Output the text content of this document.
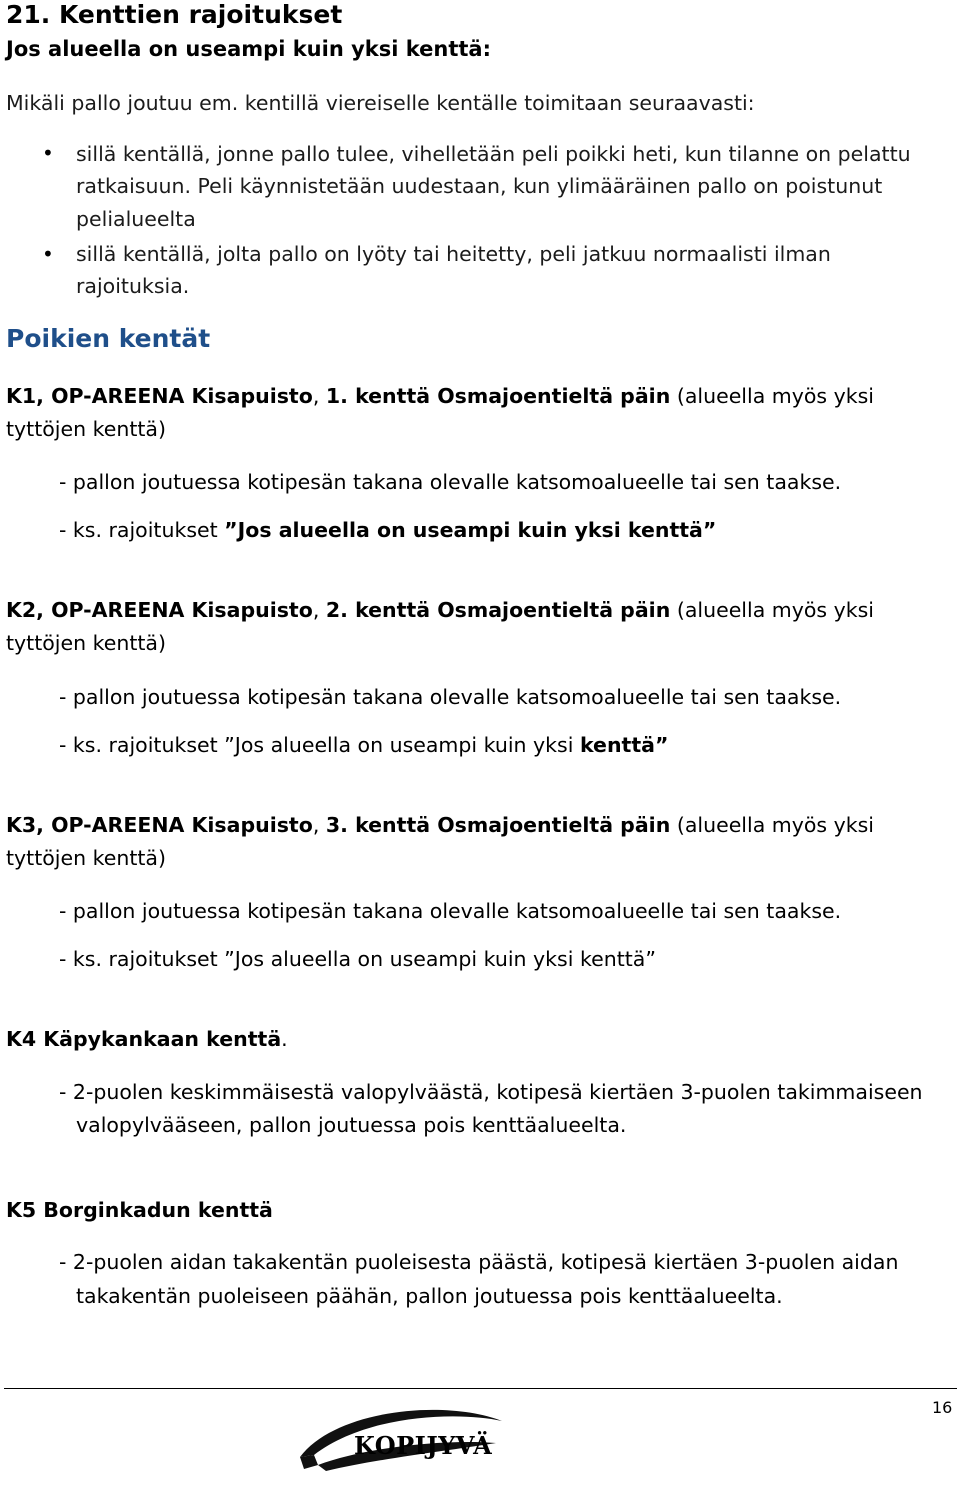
21. Kenttien rajoitukset
Jos alueella on useampi kuin yksi kenttä:
Mikäli pallo joutuu em. kentillä viereiselle kentälle toimitaan seuraavasti:
• sillä kentällä, jonne pallo tulee, vihelletään peli poikki heti, kun tilanne on pelattu
ratkaisuun. Peli käynnistetään uudestaan, kun ylimääräinen pallo on poistunut
pelialueelta
• sillä kentällä, jolta pallo on lyöty tai heitetty, peli jatkuu normaalisti ilman
rajoituksia.
Poikien kentät
K1, OP-AREENA Kisapuisto, 1. kenttä Osmajoentieltä päin (alueella myös yksi
tyttöjen kenttä)
- pallon joutuessa kotipesän takana olevalle katsomoalueelle tai sen taakse.
- ks. rajoitukset ”Jos alueella on useampi kuin yksi kenttä”
K2, OP-AREENA Kisapuisto, 2. kenttä Osmajoentieltä päin (alueella myös yksi
tyttöjen kenttä)
- pallon joutuessa kotipesän takana olevalle katsomoalueelle tai sen taakse.
- ks. rajoitukset ”Jos alueella on useampi kuin yksi kenttä”
K3, OP-AREENA Kisapuisto, 3. kenttä Osmajoentieltä päin (alueella myös yksi
tyttöjen kenttä)
- pallon joutuessa kotipesän takana olevalle katsomoalueelle tai sen taakse.
- ks. rajoitukset ”Jos alueella on useampi kuin yksi kenttä”
K4 Käpykankaan kenttä.
- 2-puolen keskimmäisestä valopylväästä, kotipesä kiertäen 3-puolen takimmaiseen
valopylvääseen, pallon joutuessa pois kenttäalueelta.
K5 Borginkadun kenttä
- 2-puolen aidan takakentän puoleisesta päästä, kotipesä kiertäen 3-puolen aidan
takakentän puoleiseen päähän, pallon joutuessa pois kenttäalueelta.
16
KOPIJYVÄ
